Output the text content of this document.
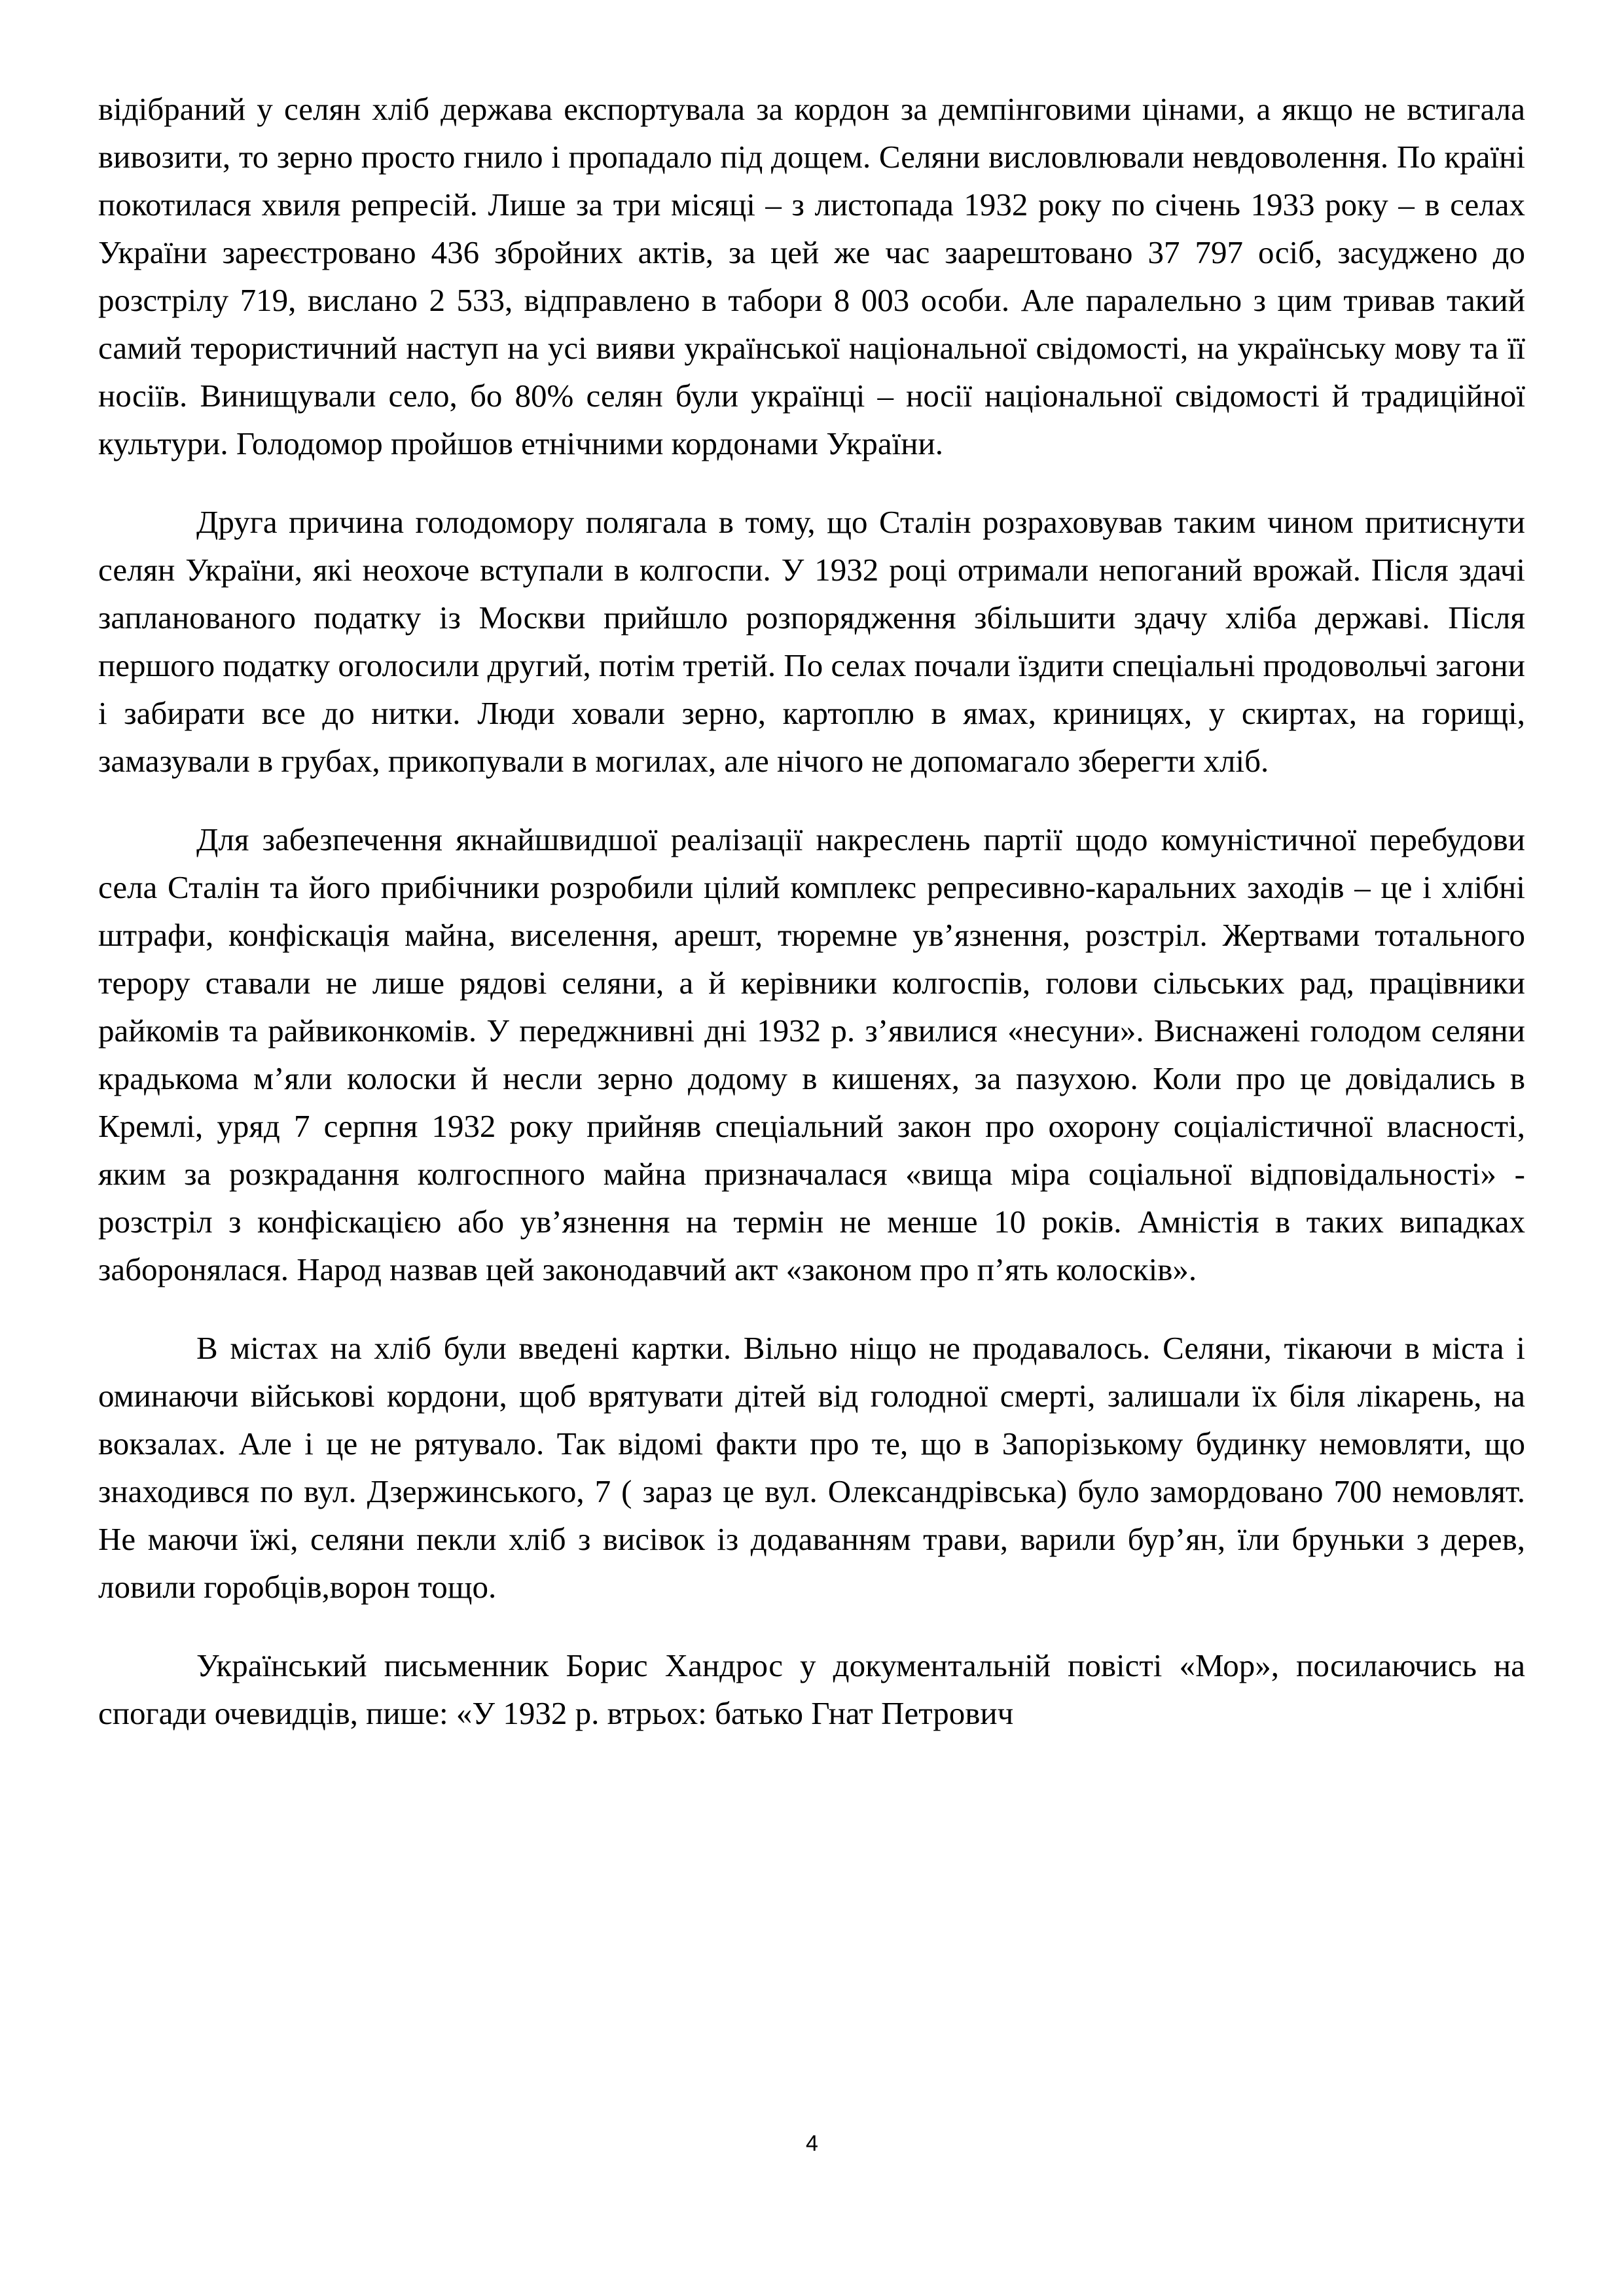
відібраний у селян хліб держава експортувала за кордон за демпінговими цінами, а якщо не встигала вивозити, то зерно просто гнило і пропадало під дощем. Селяни висловлювали невдоволення. По країні покотилася хвиля репресій. Лише за три місяці – з листопада 1932 року по січень 1933 року – в селах України зареєстровано 436 збройних актів, за цей же час заарештовано 37 797 осіб, засуджено до розстрілу 719, вислано 2 533, відправлено в табори 8 003 особи. Але паралельно з цим тривав такий самий терористичний наступ на усі вияви української національної свідомості, на українську мову та її носіїв. Винищували село, бо 80% селян були українці – носії національної свідомості й традиційної культури. Голодомор пройшов етнічними кордонами України.

Друга причина голодомору полягала в тому, що Сталін розраховував таким чином притиснути селян України, які неохоче вступали в колгоспи. У 1932 році отримали непоганий врожай. Після здачі запланованого податку із Москви прийшло розпорядження збільшити здачу хліба державі. Після першого податку оголосили другий, потім третій. По селах почали їздити спеціальні продовольчі загони і забирати все до нитки. Люди ховали зерно, картоплю в ямах, криницях, у скиртах, на горищі, замазували в грубах, прикопували в могилах, але нічого не допомагало зберегти хліб.

Для забезпечення якнайшвидшої реалізації накреслень партії щодо комуністичної перебудови села Сталін та його прибічники розробили цілий комплекс репресивно-каральних заходів – це і хлібні штрафи, конфіскація майна, виселення, арешт, тюремне ув’язнення, розстріл. Жертвами тотального терору ставали не лише рядові селяни, а й керівники колгоспів, голови сільських рад, працівники райкомів та райвиконкомів. У переджнивні дні 1932 р. з’явилися «несуни». Виснажені голодом селяни крадькома м’яли колоски й несли зерно додому в кишенях, за пазухою. Коли про це довідались в Кремлі, уряд 7 серпня 1932 року прийняв спеціальний закон про охорону соціалістичної власності, яким за розкрадання колгоспного майна призначалася «вища міра соціальної відповідальності» - розстріл з конфіскацією або ув’язнення на термін не менше 10 років. Амністія в таких випадках заборонялася. Народ назвав цей законодавчий акт «законом про п’ять колосків».

В містах на хліб були введені картки. Вільно ніщо не продавалось. Селяни, тікаючи в міста і оминаючи військові кордони, щоб врятувати дітей від голодної смерті, залишали їх біля лікарень, на вокзалах. Але і це не рятувало. Так відомі факти про те, що в Запорізькому будинку немовляти, що знаходився по вул. Дзержинського, 7 ( зараз це вул. Олександрівська) було замордовано 700 немовлят. Не маючи їжі, селяни пекли хліб з висівок із додаванням трави, варили бур’ян, їли бруньки з дерев, ловили горобців,ворон тощо.

Український письменник Борис Хандрос у документальній повісті «Мор», посилаючись на спогади очевидців, пише: «У 1932 р. втрьох: батько Гнат Петрович

4
